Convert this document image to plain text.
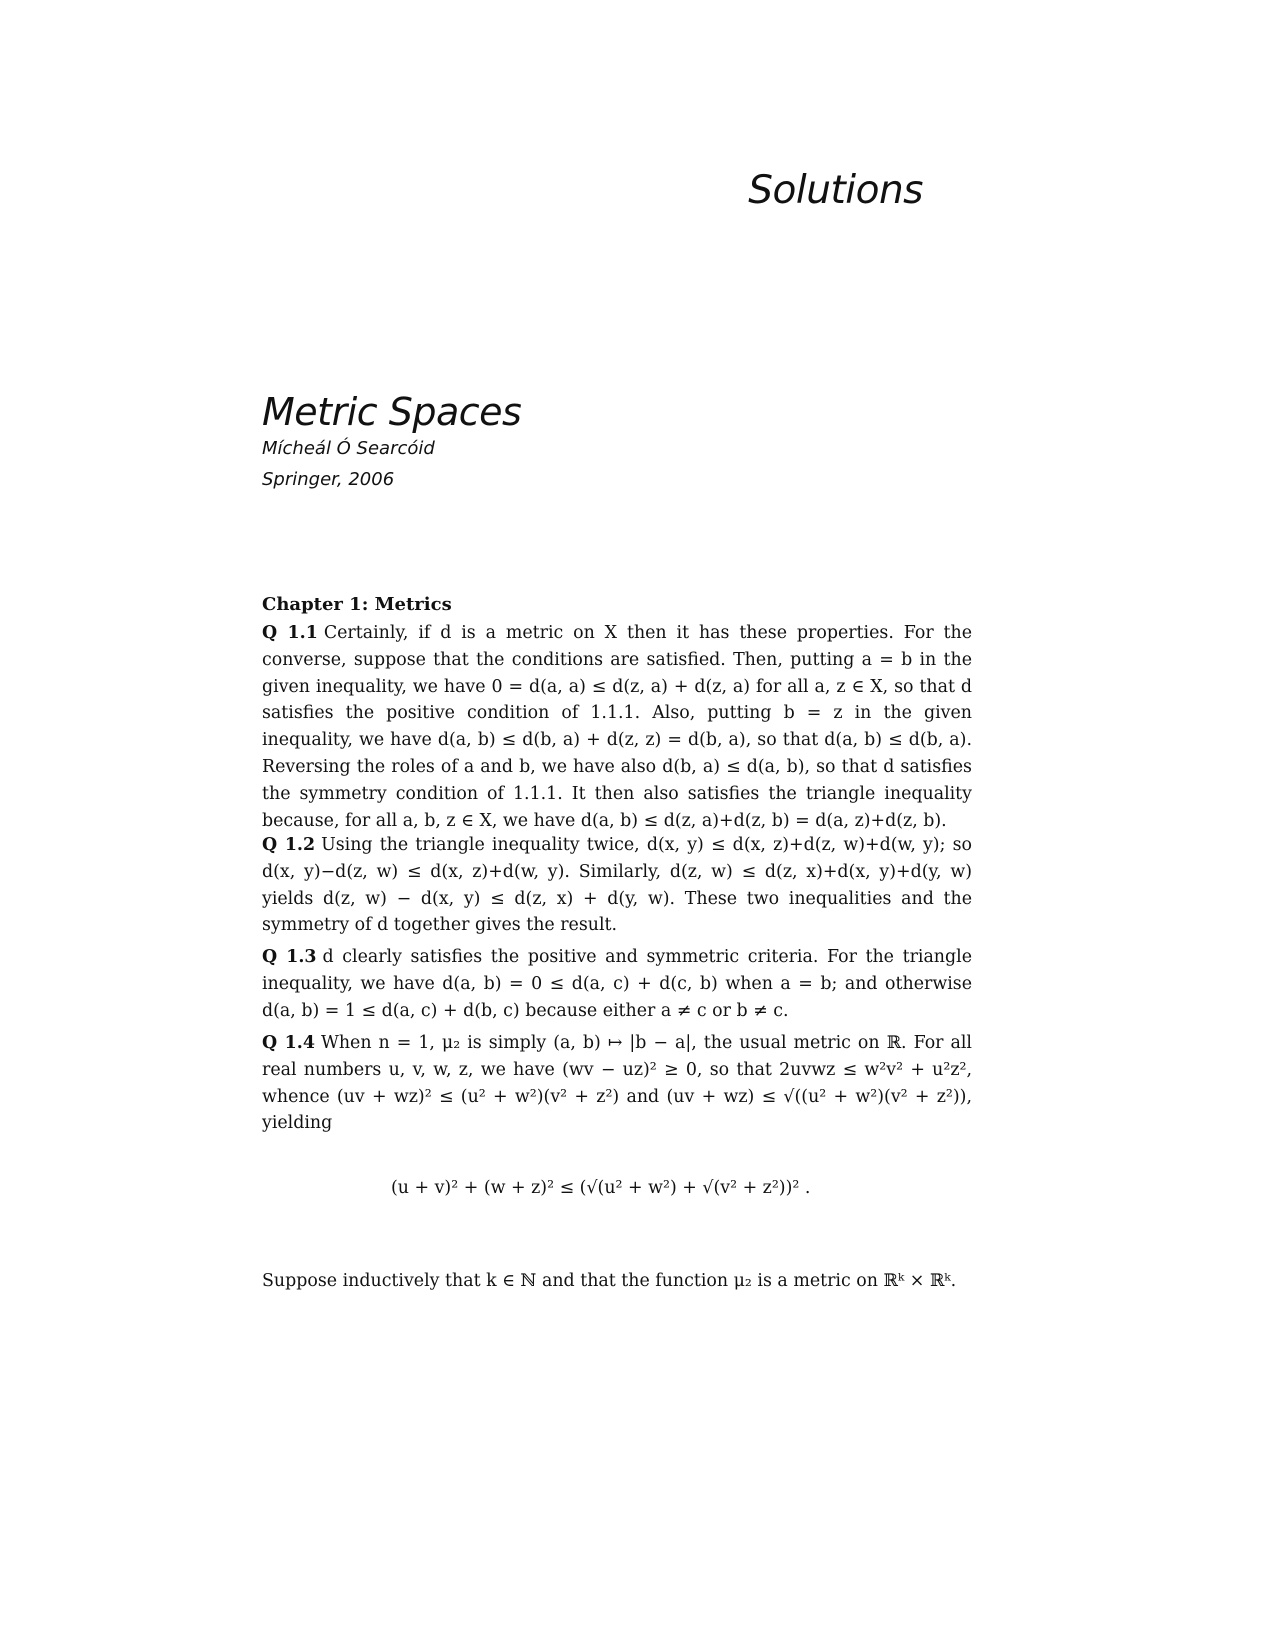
Solutions
Metric Spaces
Mícheál Ó Searcóid
Springer, 2006
Chapter 1: Metrics
Q 1.1 Certainly, if d is a metric on X then it has these properties. For the converse, suppose that the conditions are satisfied. Then, putting a = b in the given inequality, we have 0 = d(a, a) ≤ d(z, a) + d(z, a) for all a, z ∈ X, so that d satisfies the positive condition of 1.1.1. Also, putting b = z in the given inequality, we have d(a, b) ≤ d(b, a) + d(z, z) = d(b, a), so that d(a, b) ≤ d(b, a). Reversing the roles of a and b, we have also d(b, a) ≤ d(a, b), so that d satisfies the symmetry condition of 1.1.1. It then also satisfies the triangle inequality because, for all a, b, z ∈ X, we have d(a, b) ≤ d(z, a)+d(z, b) = d(a, z)+d(z, b).
Q 1.2 Using the triangle inequality twice, d(x, y) ≤ d(x, z)+d(z, w)+d(w, y); so d(x, y)−d(z, w) ≤ d(x, z)+d(w, y). Similarly, d(z, w) ≤ d(z, x)+d(x, y)+d(y, w) yields d(z, w) − d(x, y) ≤ d(z, x) + d(y, w). These two inequalities and the symmetry of d together gives the result.
Q 1.3 d clearly satisfies the positive and symmetric criteria. For the triangle inequality, we have d(a, b) = 0 ≤ d(a, c) + d(c, b) when a = b; and otherwise d(a, b) = 1 ≤ d(a, c) + d(b, c) because either a ≠ c or b ≠ c.
Q 1.4 When n = 1, μ₂ is simply (a, b) ↦ |b − a|, the usual metric on ℝ. For all real numbers u, v, w, z, we have (wv − uz)² ≥ 0, so that 2uvwz ≤ w²v² + u²z², whence (uv + wz)² ≤ (u² + w²)(v² + z²) and (uv + wz) ≤ √((u² + w²)(v² + z²)), yielding
(u + v)² + (w + z)² ≤ (√(u² + w²) + √(v² + z²))² .
Suppose inductively that k ∈ ℕ and that the function μ₂ is a metric on ℝᵏ × ℝᵏ.
